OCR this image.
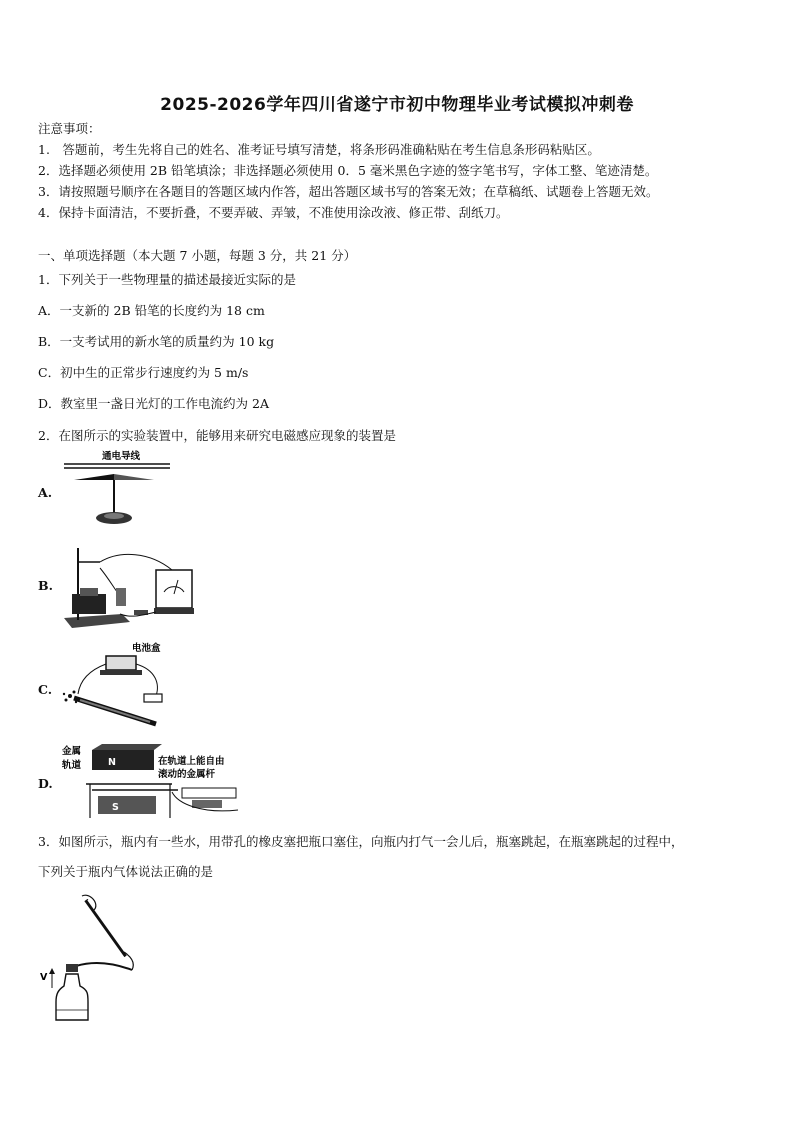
2025-2026学年四川省遂宁市初中物理毕业考试模拟冲刺卷
注意事项：
1.　答题前，考生先将自己的姓名、准考证号填写清楚，将条形码准确粘贴在考生信息条形码粘贴区。
2．选择题必须使用 2B 铅笔填涂；非选择题必须使用 0．5 毫米黑色字迹的签字笔书写，字体工整、笔迹清楚。
3．请按照题号顺序在各题目的答题区域内作答，超出答题区域书写的答案无效；在草稿纸、试题卷上答题无效。
4．保持卡面清洁，不要折叠，不要弄破、弄皱，不准使用涂改液、修正带、刮纸刀。
一、单项选择题（本大题 7 小题，每题 3 分，共 21 分）
1．下列关于一些物理量的描述最接近实际的是
A．一支新的 2B 铅笔的长度约为 18 cm
B．一支考试用的新水笔的质量约为 10 kg
C．初中生的正常步行速度约为 5 m/s
D．教室里一盏日光灯的工作电流约为 2A
2．在图所示的实验装置中，能够用来研究电磁感应现象的装置是
A.
通电导线
B.
C.
电池盒
D.
金属
轨道	N
S
在轨道上能自由
滚动的金属杆
3．如图所示，瓶内有一些水，用带孔的橡皮塞把瓶口塞住，向瓶内打气一会儿后，瓶塞跳起，在瓶塞跳起的过程中，
下列关于瓶内气体说法正确的是
V
